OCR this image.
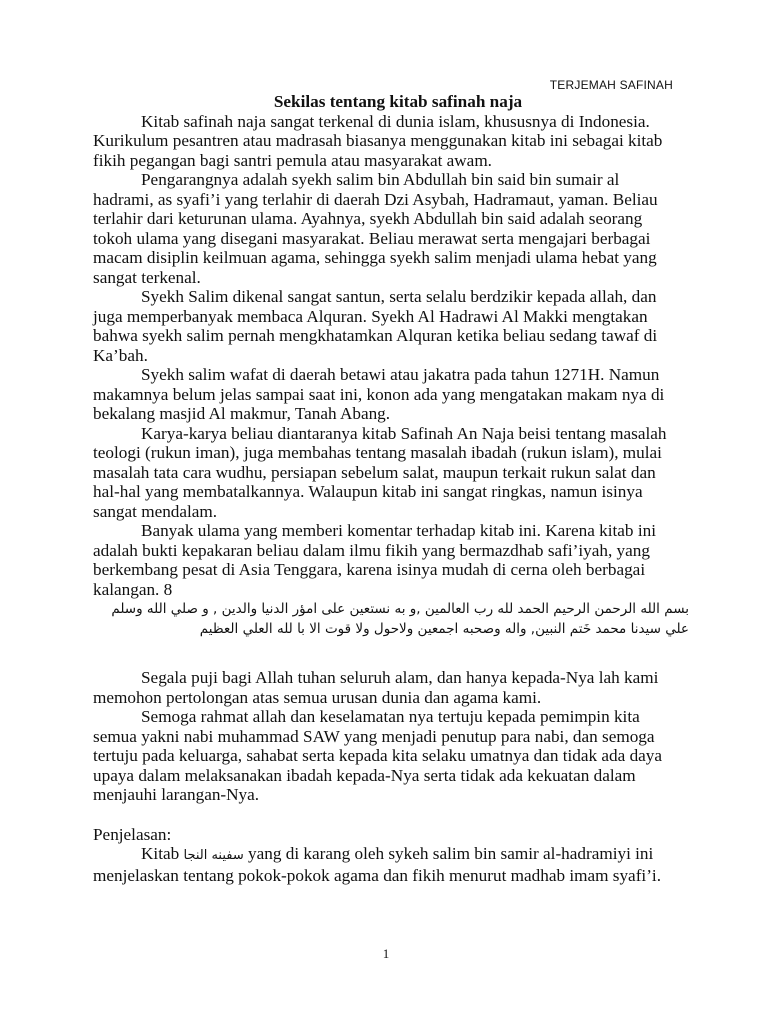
TERJEMAH SAFINAH
Sekilas tentang kitab safinah naja

Kitab safinah naja sangat terkenal di dunia islam, khususnya di Indonesia. Kurikulum pesantren atau madrasah biasanya menggunakan kitab ini sebagai kitab fikih pegangan bagi santri pemula atau masyarakat awam.

Pengarangnya adalah syekh salim bin Abdullah bin said bin sumair al hadrami, as syafi’i yang terlahir di daerah Dzi Asybah, Hadramaut, yaman. Beliau terlahir dari keturunan ulama. Ayahnya, syekh Abdullah bin said adalah seorang tokoh ulama yang disegani masyarakat. Beliau merawat serta mengajari berbagai macam disiplin keilmuan agama, sehingga syekh salim menjadi ulama hebat yang sangat terkenal.

Syekh Salim dikenal sangat santun, serta selalu berdzikir kepada allah, dan juga memperbanyak membaca Alquran. Syekh Al Hadrawi Al Makki mengtakan bahwa syekh salim pernah mengkhatamkan Alquran ketika beliau sedang tawaf di Ka’bah.

Syekh salim wafat di daerah betawi atau jakatra pada tahun 1271H. Namun makamnya belum jelas sampai saat ini, konon ada yang mengatakan makam nya di bekalang masjid Al makmur, Tanah Abang.

Karya-karya beliau diantaranya kitab Safinah An Naja beisi tentang masalah teologi (rukun iman), juga membahas tentang masalah ibadah (rukun islam), mulai masalah tata cara wudhu, persiapan sebelum salat, maupun terkait rukun salat dan hal-hal yang membatalkannya. Walaupun kitab ini sangat ringkas, namun isinya sangat mendalam.

Banyak ulama yang memberi komentar terhadap kitab ini. Karena kitab ini adalah bukti kepakaran beliau dalam ilmu fikih yang bermazdhab safi’iyah, yang berkembang pesat di Asia Tenggara, karena isinya mudah di cerna oleh berbagai kalangan. 8

بسم الله الرحمن الرحيم الحمد لله رب العالمين ,و به نستعين على امؤر الدنيا والدين , و صلي الله وسلم

علي سيدنا محمد خَتم النبين, واله وصحبه اجمعين ولاحول ولا قوت الا با لله العلي العظيم

Segala puji bagi Allah tuhan seluruh alam, dan hanya kepada-Nya lah kami memohon pertolongan atas semua urusan dunia dan agama kami.

Semoga rahmat allah dan keselamatan nya tertuju kepada pemimpin kita semua yakni nabi muhammad SAW yang menjadi penutup para nabi, dan semoga tertuju pada keluarga, sahabat serta kepada kita selaku umatnya dan tidak ada daya upaya dalam melaksanakan ibadah kepada-Nya serta tidak ada kekuatan dalam menjauhi larangan-Nya.

Penjelasan:

Kitab سفينه النجا yang di karang oleh sykeh salim bin samir al-hadramiyi ini menjelaskan tentang pokok-pokok agama dan fikih menurut madhab imam syafi’i.

1
